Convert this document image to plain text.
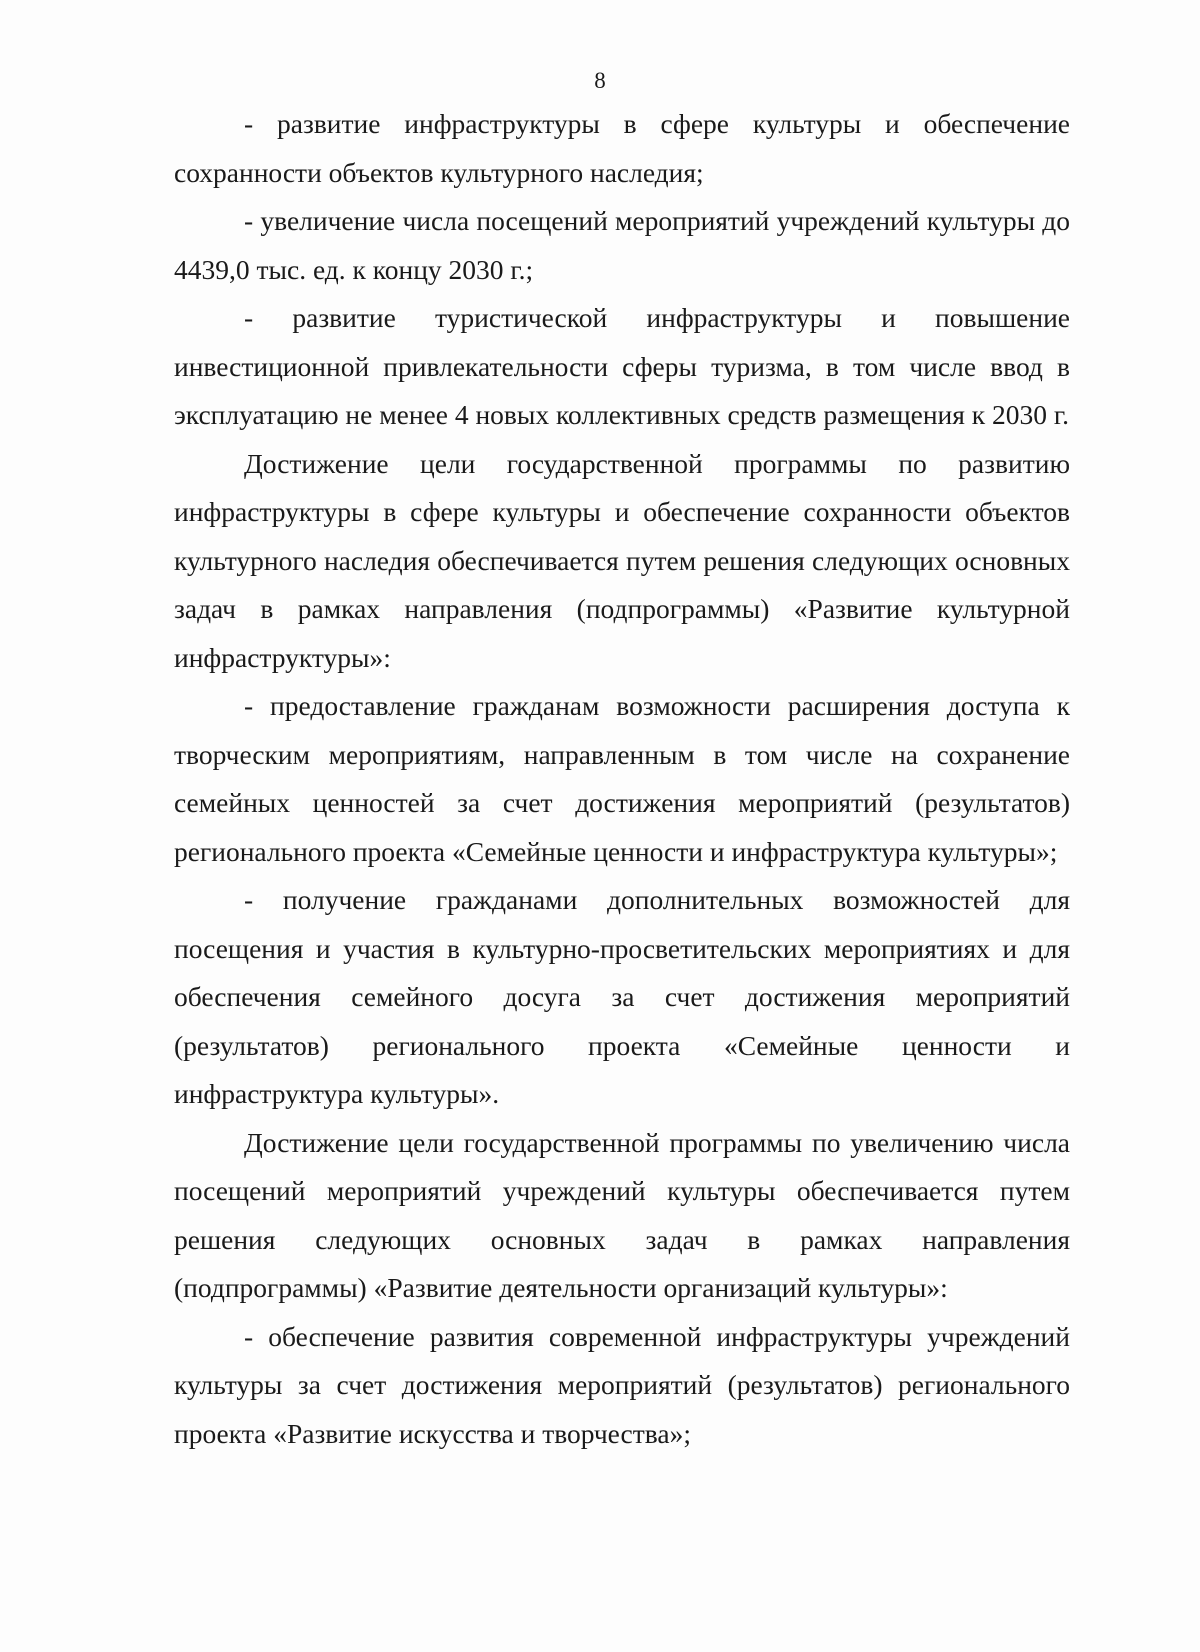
8

- развитие инфраструктуры в сфере культуры и обеспечение сохранности объектов культурного наследия;

- увеличение числа посещений мероприятий учреждений культуры до 4439,0 тыс. ед. к концу 2030 г.;

- развитие туристической инфраструктуры и повышение инвестиционной привлекательности сферы туризма, в том числе ввод в эксплуатацию не менее 4 новых коллективных средств размещения к 2030 г.

Достижение цели государственной программы по развитию инфраструктуры в сфере культуры и обеспечение сохранности объектов культурного наследия обеспечивается путем решения следующих основных задач в рамках направления (подпрограммы) «Развитие культурной инфраструктуры»:

- предоставление гражданам возможности расширения доступа к творческим мероприятиям, направленным в том числе на сохранение семейных ценностей за счет достижения мероприятий (результатов) регионального проекта «Семейные ценности и инфраструктура культуры»;

- получение гражданами дополнительных возможностей для посещения и участия в культурно-просветительских мероприятиях и для обеспечения семейного досуга за счет достижения мероприятий (результатов) регионального проекта «Семейные ценности и инфраструктура культуры».

Достижение цели государственной программы по увеличению числа посещений мероприятий учреждений культуры обеспечивается путем решения следующих основных задач в рамках направления (подпрограммы) «Развитие деятельности организаций культуры»:

- обеспечение развития современной инфраструктуры учреждений культуры за счет достижения мероприятий (результатов) регионального проекта «Развитие искусства и творчества»;
